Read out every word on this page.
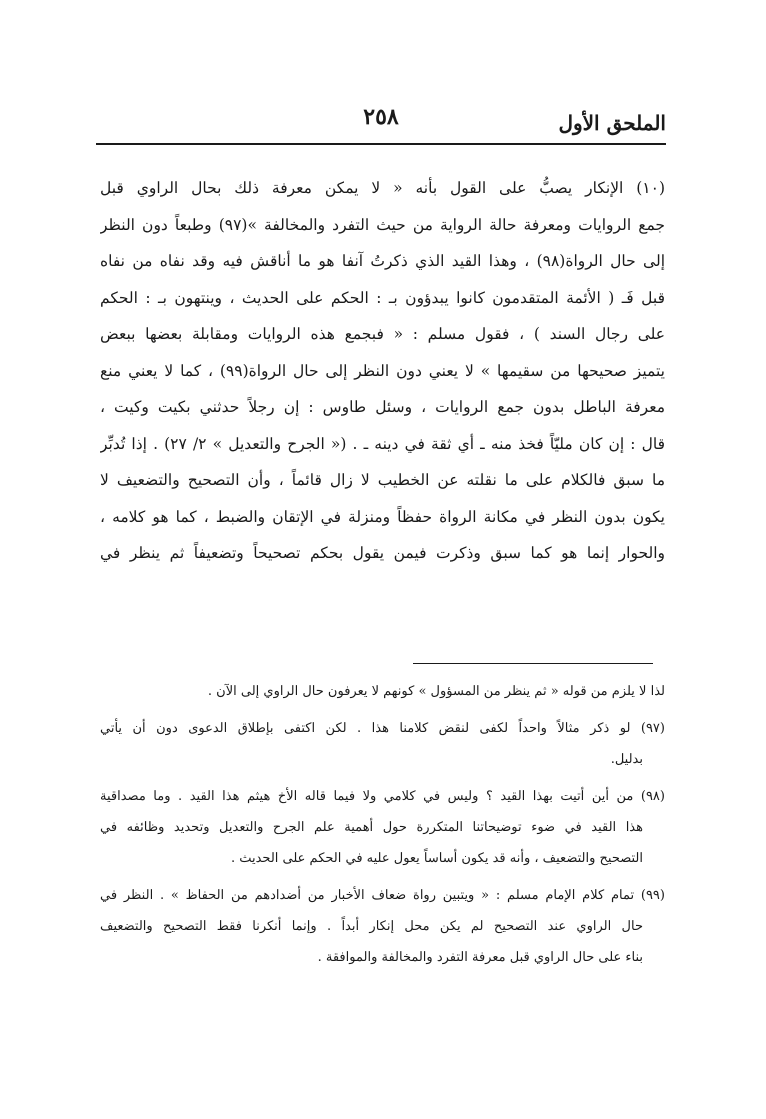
٢٥٨	الملحق الأول
(١٠) الإنكار يصبُّ على القول بأنه « لا يمكن معرفة ذلك بحال الراوي قبل
جمع الروايات ومعرفة حالة الرواية من حيث التفرد والمخالفة »(٩٧) وطبعاً دون النظر
إلى حال الرواة(٩٨) ، وهذا القيد الذي ذكرتُ آنفا هو ما أناقش فيه وقد نفاه من نفاه
قبل فَـ ( الأئمة المتقدمون كانوا يبدؤون بـ : الحكم على الحديث ، وينتهون بـ : الحكم
على رجال السند ) ، فقول مسلم : « فبجمع هذه الروايات ومقابلة بعضها ببعض
يتميز صحيحها من سقيمها » لا يعني دون النظر إلى حال الرواة(٩٩) ، كما لا يعني منع
معرفة الباطل بدون جمع الروايات ، وسئل طاوس : إن رجلاً حدثني بكيت وكيت ،
قال : إن كان مليّاً فخذ منه ـ أي ثقة في دينه ـ . (« الجرح والتعديل » ٢/ ٢٧) . إذا تُدبِّر
ما سبق فالكلام على ما نقلته عن الخطيب لا زال قائماً ، وأن التصحيح والتضعيف لا
يكون بدون النظر في مكانة الرواة حفظاً ومنزلة في الإتقان والضبط ، كما هو كلامه ،
والحوار إنما هو كما سبق وذكرت فيمن يقول بحكم تصحيحاً وتضعيفاً ثم ينظر في
لذا لا يلزم من قوله « ثم ينظر من المسؤول » كونهم لا يعرفون حال الراوي إلى الآن .
(٩٧) لو ذكر مثالاً واحداً لكفى لنقض كلامنا هذا . لكن اكتفى بإطلاق الدعوى دون أن يأتي
بدليل.
(٩٨) من أين أتيت بهذا القيد ؟ وليس في كلامي ولا فيما قاله الأخ هيثم هذا القيد . وما مصداقية
هذا القيد في ضوء توضيحاتنا المتكررة حول أهمية علم الجرح والتعديل وتحديد وظائفه في
التصحيح والتضعيف ، وأنه قد يكون أساساً يعول عليه في الحكم على الحديث .
(٩٩) تمام كلام الإمام مسلم : « ويتبين رواة ضعاف الأخبار من أضدادهم من الحفاظ » . النظر في
حال الراوي عند التصحيح لم يكن محل إنكار أبداً . وإنما أنكرنا فقط التصحيح والتضعيف
بناء على حال الراوي قبل معرفة التفرد والمخالفة والموافقة .
